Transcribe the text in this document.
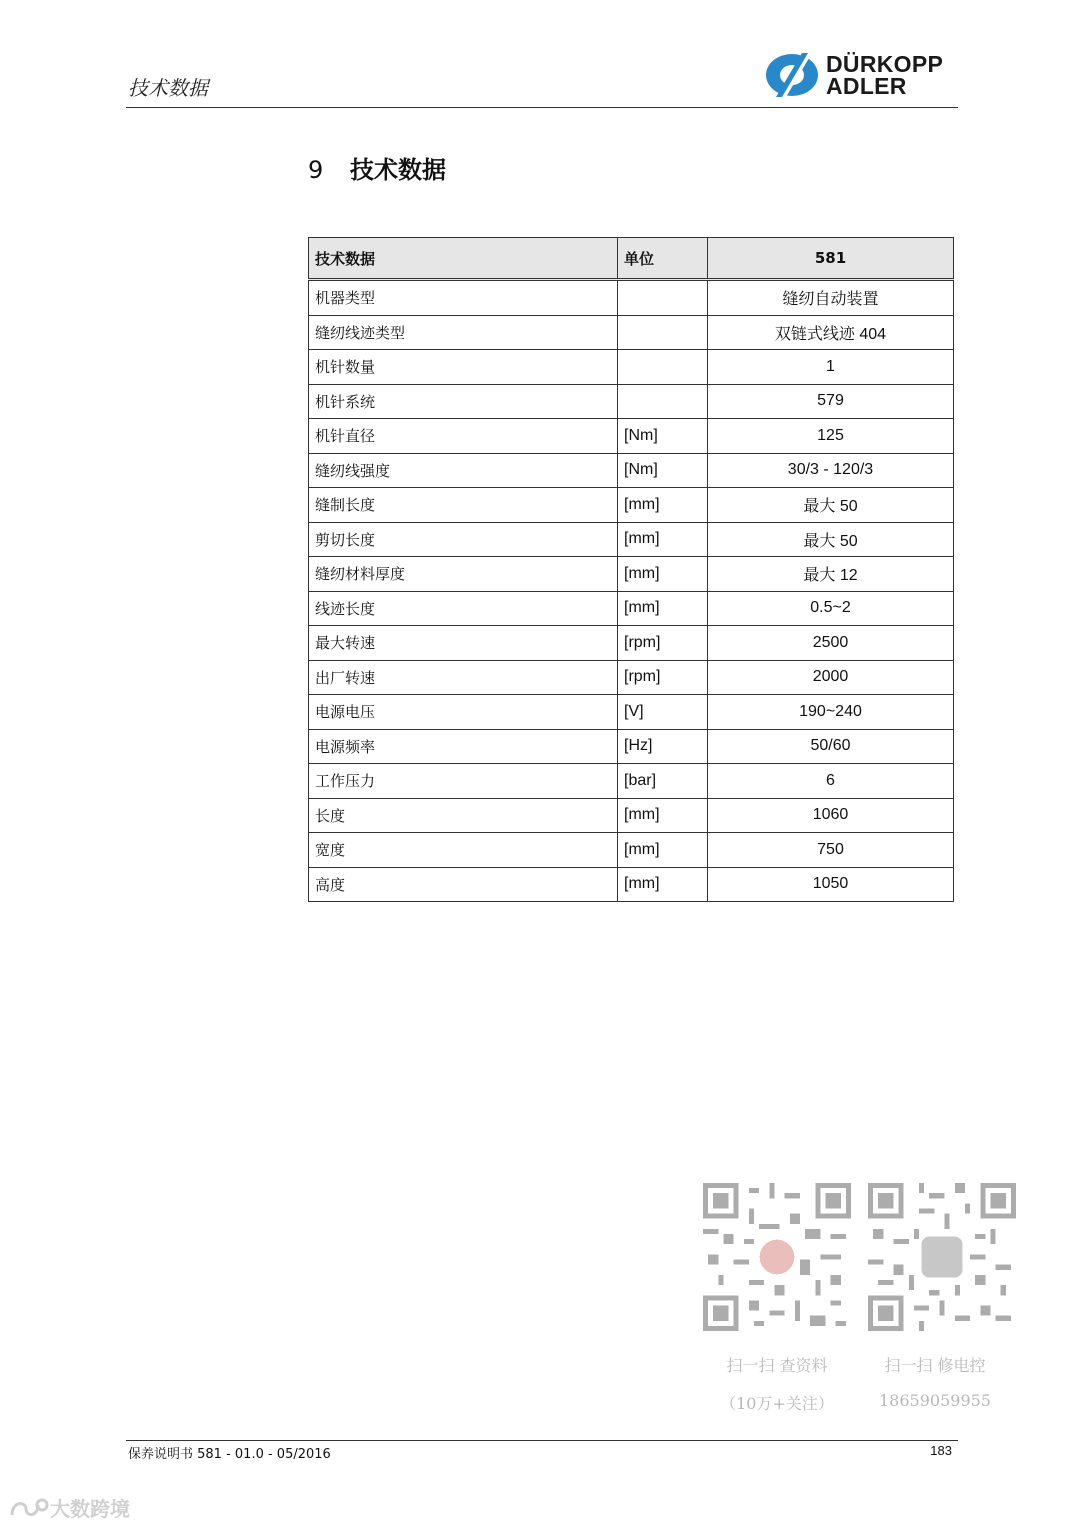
技术数据
DÜRKOPP
ADLER
9 技术数据
技术数据	单位	581
机器类型		缝纫自动装置
缝纫线迹类型		双链式线迹 404
机针数量		1
机针系统		579
机针直径	[Nm]	125
缝纫线强度	[Nm]	30/3 - 120/3
缝制长度	[mm]	最大 50
剪切长度	[mm]	最大 50
缝纫材料厚度	[mm]	最大 12
线迹长度	[mm]	0.5~2
最大转速	[rpm]	2500
出厂转速	[rpm]	2000
电源电压	[V]	190~240
电源频率	[Hz]	50/60
工作压力	[bar]	6
长度	[mm]	1060
宽度	[mm]	750
高度	[mm]	1050
扫一扫 查资料
（10万+关注）
扫一扫 修电控
18659059955
保养说明书 581 - 01.0 - 05/2016	183
大数跨境
